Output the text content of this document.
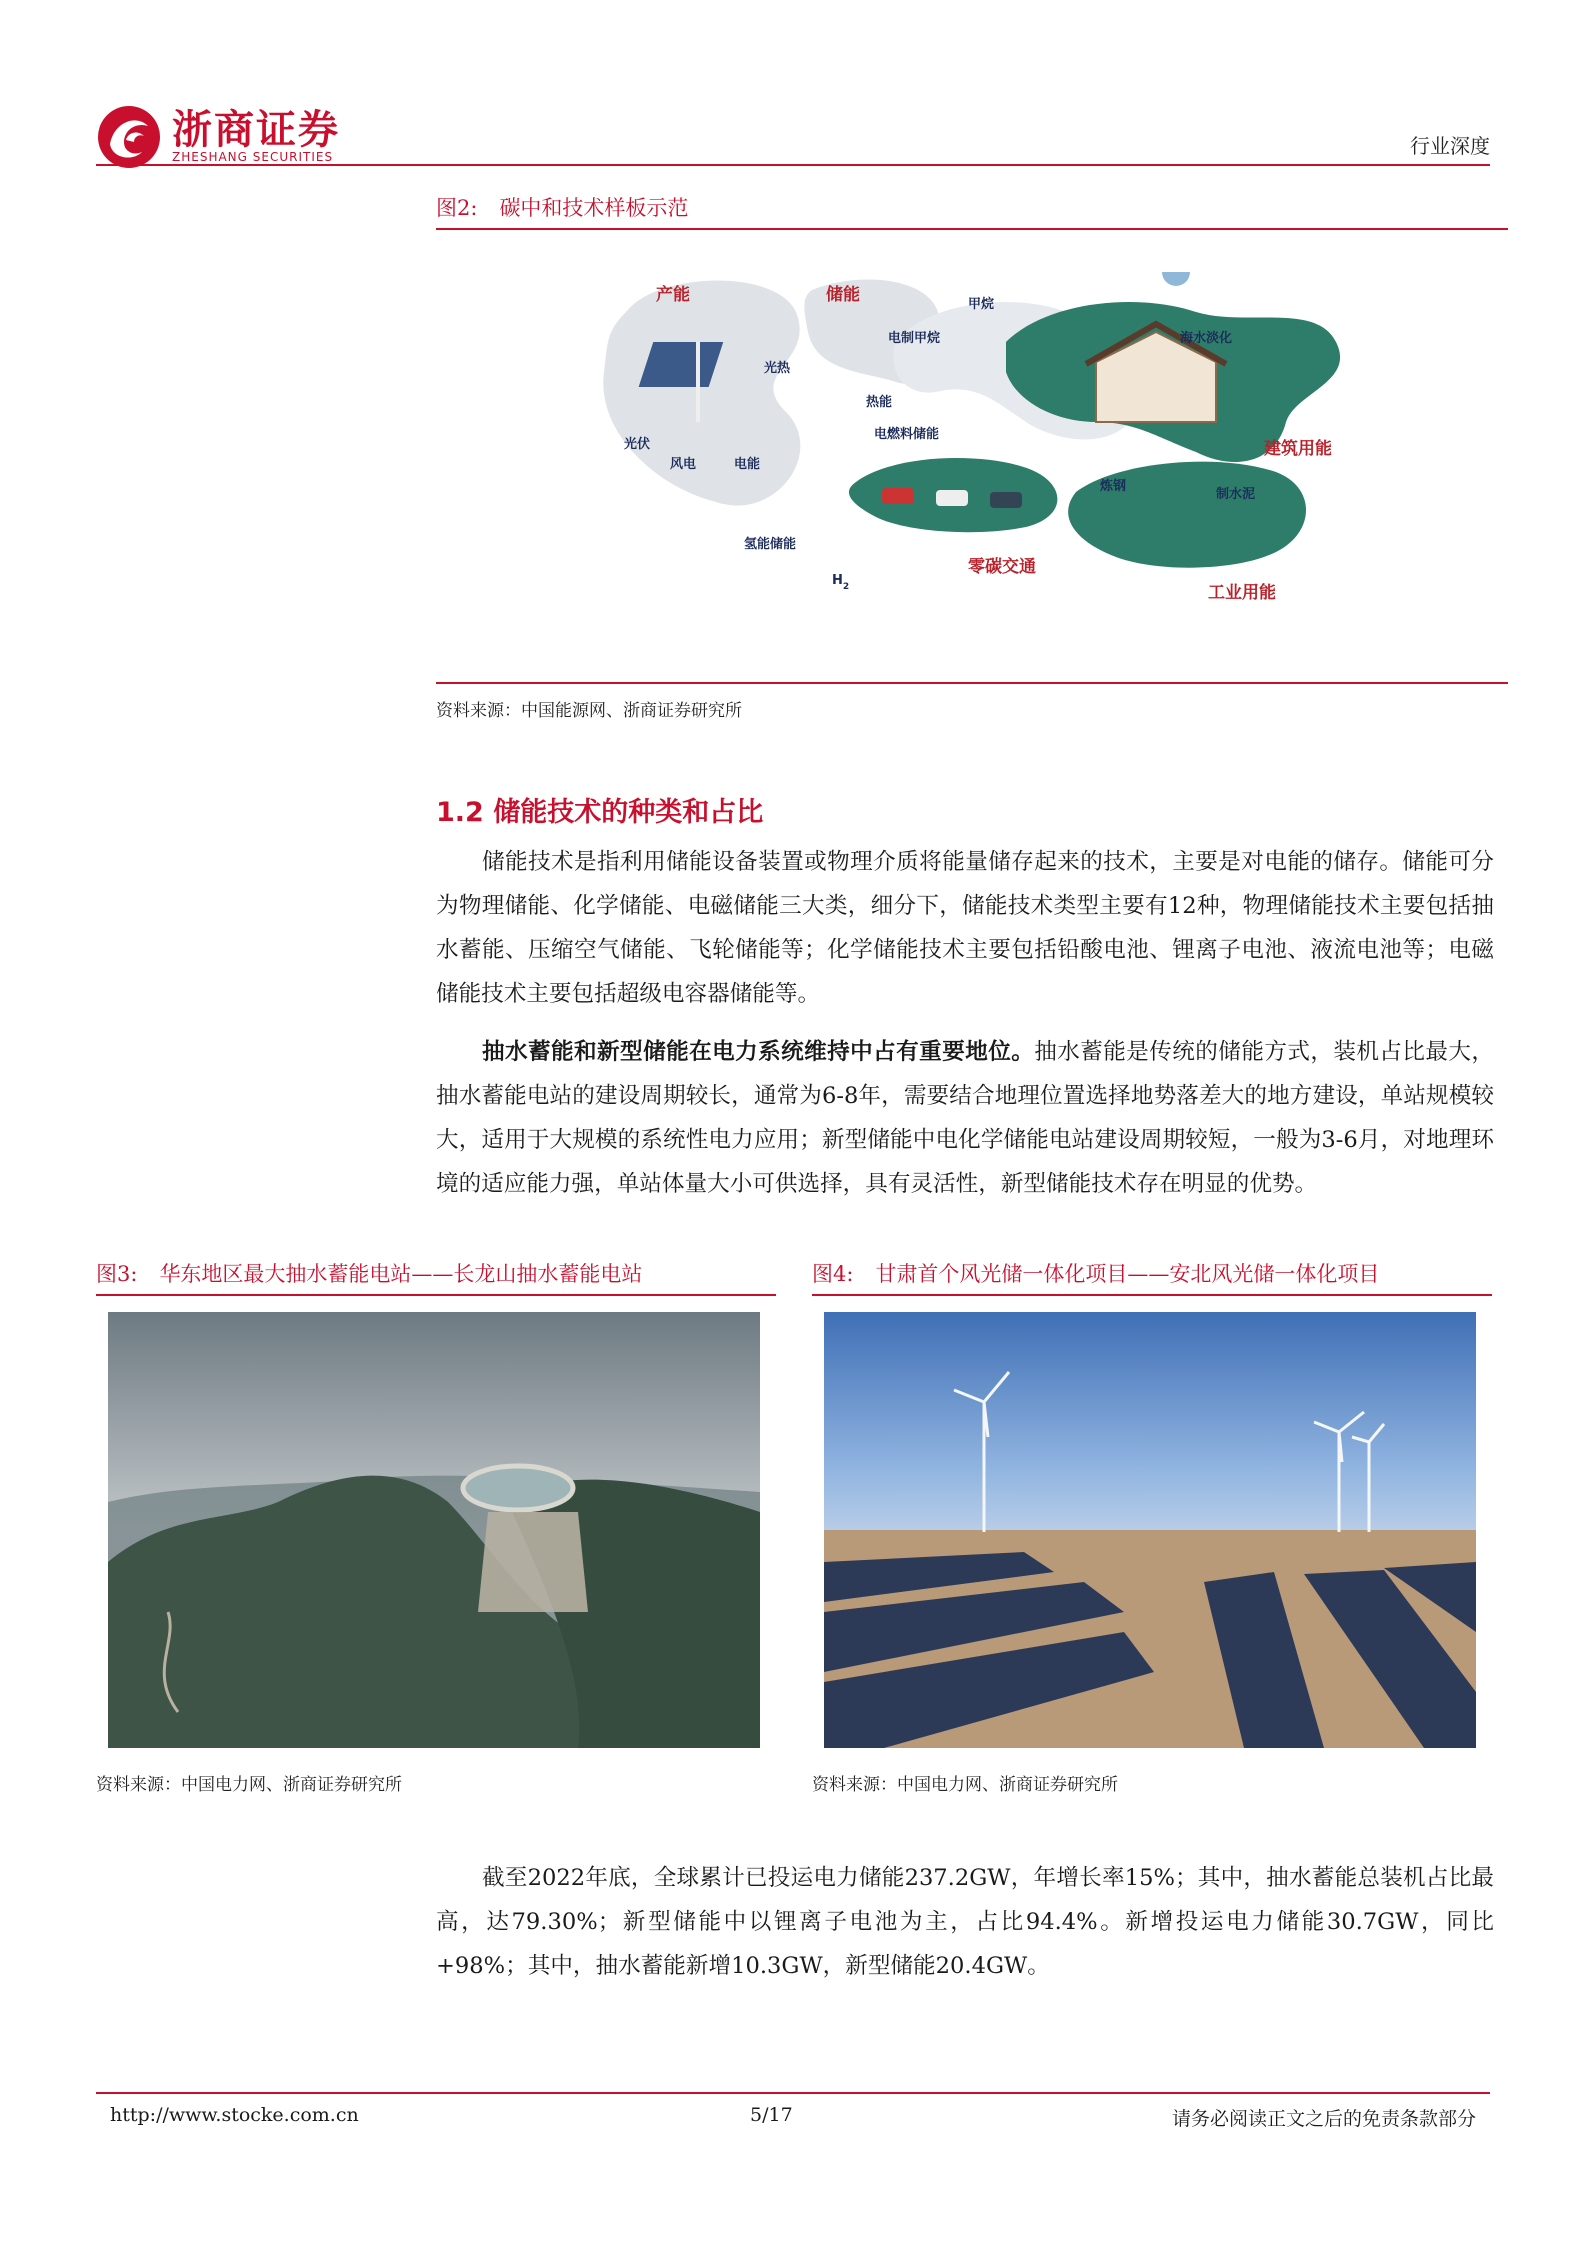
浙商证券
ZHESHANG SECURITIES	行业深度
图2: 碳中和技术样板示范
产能	储能	甲烷
电制甲烷	海水淡化
光热
热能
光伏
风电	电能
电燃料储能
建筑用能
氢能储能
炼钢
制水泥
$H_2$
零碳交通
工业用能
资料来源：中国能源网、浙商证券研究所
1.2 储能技术的种类和占比

储能技术是指利用储能设备装置或物理介质将能量储存起来的技术，主要是对电能的储存。储能可分为物理储能、化学储能、电磁储能三大类，细分下，储能技术类型主要有12种，物理储能技术主要包括抽水蓄能、压缩空气储能、飞轮储能等；化学储能技术主要包括铅酸电池、锂离子电池、液流电池等；电磁储能技术主要包括超级电容器储能等。

抽水蓄能和新型储能在电力系统维持中占有重要地位。抽水蓄能是传统的储能方式，装机占比最大，抽水蓄能电站的建设周期较长，通常为6-8年，需要结合地理位置选择地势落差大的地方建设，单站规模较大，适用于大规模的系统性电力应用；新型储能中电化学储能电站建设周期较短，一般为3-6月，对地理环境的适应能力强，单站体量大小可供选择，具有灵活性，新型储能技术存在明显的优势。

图3: 华东地区最大抽水蓄能电站——长龙山抽水蓄能电站
资料来源：中国电力网、浙商证券研究所
图4: 甘肃首个风光储一体化项目——安北风光储一体化项目
资料来源：中国电力网、浙商证券研究所

截至2022年底，全球累计已投运电力储能237.2GW，年增长率15%；其中，抽水蓄能总装机占比最高，达79.30%；新型储能中以锂离子电池为主，占比94.4%。新增投运电力储能30.7GW，同比+98%；其中，抽水蓄能新增10.3GW，新型储能20.4GW。

http://www.stocke.com.cn	5/17	请务必阅读正文之后的免责条款部分
